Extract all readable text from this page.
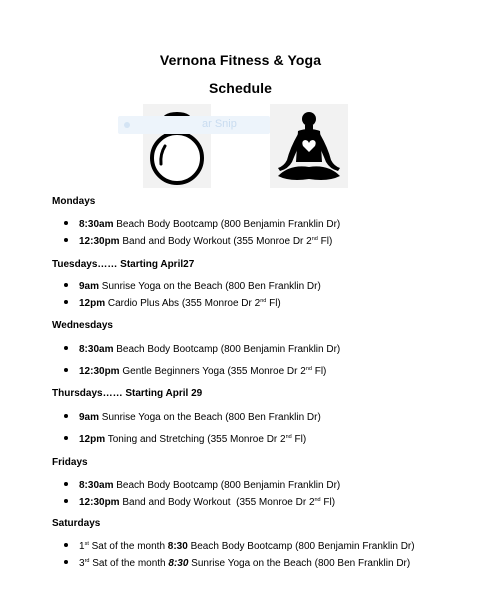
Vernona Fitness & Yoga
Schedule
ar Snip
Mondays
8:30am Beach Body Bootcamp (800 Benjamin Franklin Dr)
12:30pm Band and Body Workout (355 Monroe Dr 2nd Fl)
Tuesdays…… Starting April27
9am Sunrise Yoga on the Beach (800 Ben Franklin Dr)
12pm Cardio Plus Abs (355 Monroe Dr 2nd Fl)
Wednesdays
8:30am Beach Body Bootcamp (800 Benjamin Franklin Dr)
12:30pm Gentle Beginners Yoga (355 Monroe Dr 2nd Fl)
Thursdays…… Starting April 29
9am Sunrise Yoga on the Beach (800 Ben Franklin Dr)
12pm Toning and Stretching (355 Monroe Dr 2nd Fl)
Fridays
8:30am Beach Body Bootcamp (800 Benjamin Franklin Dr)
12:30pm Band and Body Workout  (355 Monroe Dr 2nd Fl)
Saturdays
1st Sat of the month 8:30 Beach Body Bootcamp (800 Benjamin Franklin Dr)
3rd Sat of the month 8:30 Sunrise Yoga on the Beach (800 Ben Franklin Dr)
